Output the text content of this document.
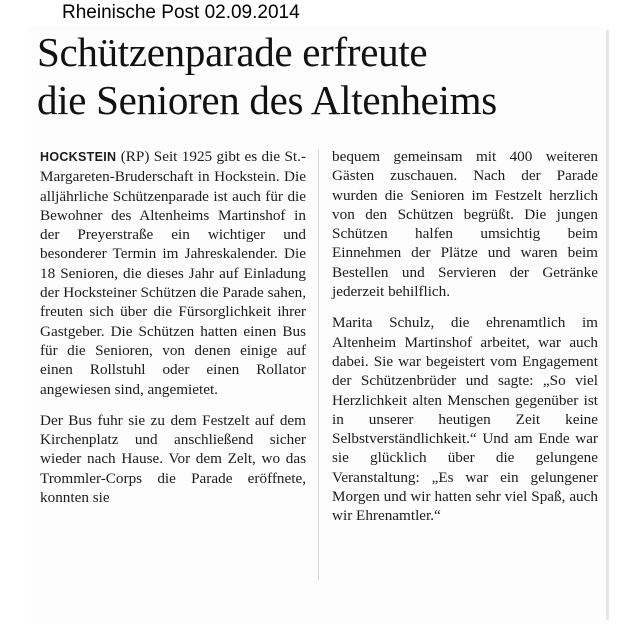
Rheinische Post 02.09.2014
Schützenparade erfreute
die Senioren des Altenheims

HOCKSTEIN (RP) Seit 1925 gibt es die St.-Margareten-Bruderschaft in Hockstein. Die alljährliche Schützenparade ist auch für die Bewohner des Altenheims Martinshof in der Preyerstraße ein wichtiger und besonderer Termin im Jahreskalender. Die 18 Senioren, die dieses Jahr auf Einladung der Hocksteiner Schützen die Parade sahen, freuten sich über die Fürsorglichkeit ihrer Gastgeber. Die Schützen hatten einen Bus für die Senioren, von denen einige auf einen Rollstuhl oder einen Rollator angewiesen sind, angemietet.

Der Bus fuhr sie zu dem Festzelt auf dem Kirchenplatz und anschließend sicher wieder nach Hause. Vor dem Zelt, wo das Trommler-Corps die Parade eröffnete, konnten sie

bequem gemeinsam mit 400 weiteren Gästen zuschauen. Nach der Parade wurden die Senioren im Festzelt herzlich von den Schützen begrüßt. Die jungen Schützen halfen umsichtig beim Einnehmen der Plätze und waren beim Bestellen und Servieren der Getränke jederzeit behilflich.

Marita Schulz, die ehrenamtlich im Altenheim Martinshof arbeitet, war auch dabei. Sie war begeistert vom Engagement der Schützenbrüder und sagte: „So viel Herzlichkeit alten Menschen gegenüber ist in unserer heutigen Zeit keine Selbstverständlichkeit.“ Und am Ende war sie glücklich über die gelungene Veranstaltung: „Es war ein gelungener Morgen und wir hatten sehr viel Spaß, auch wir Ehrenamtler.“
